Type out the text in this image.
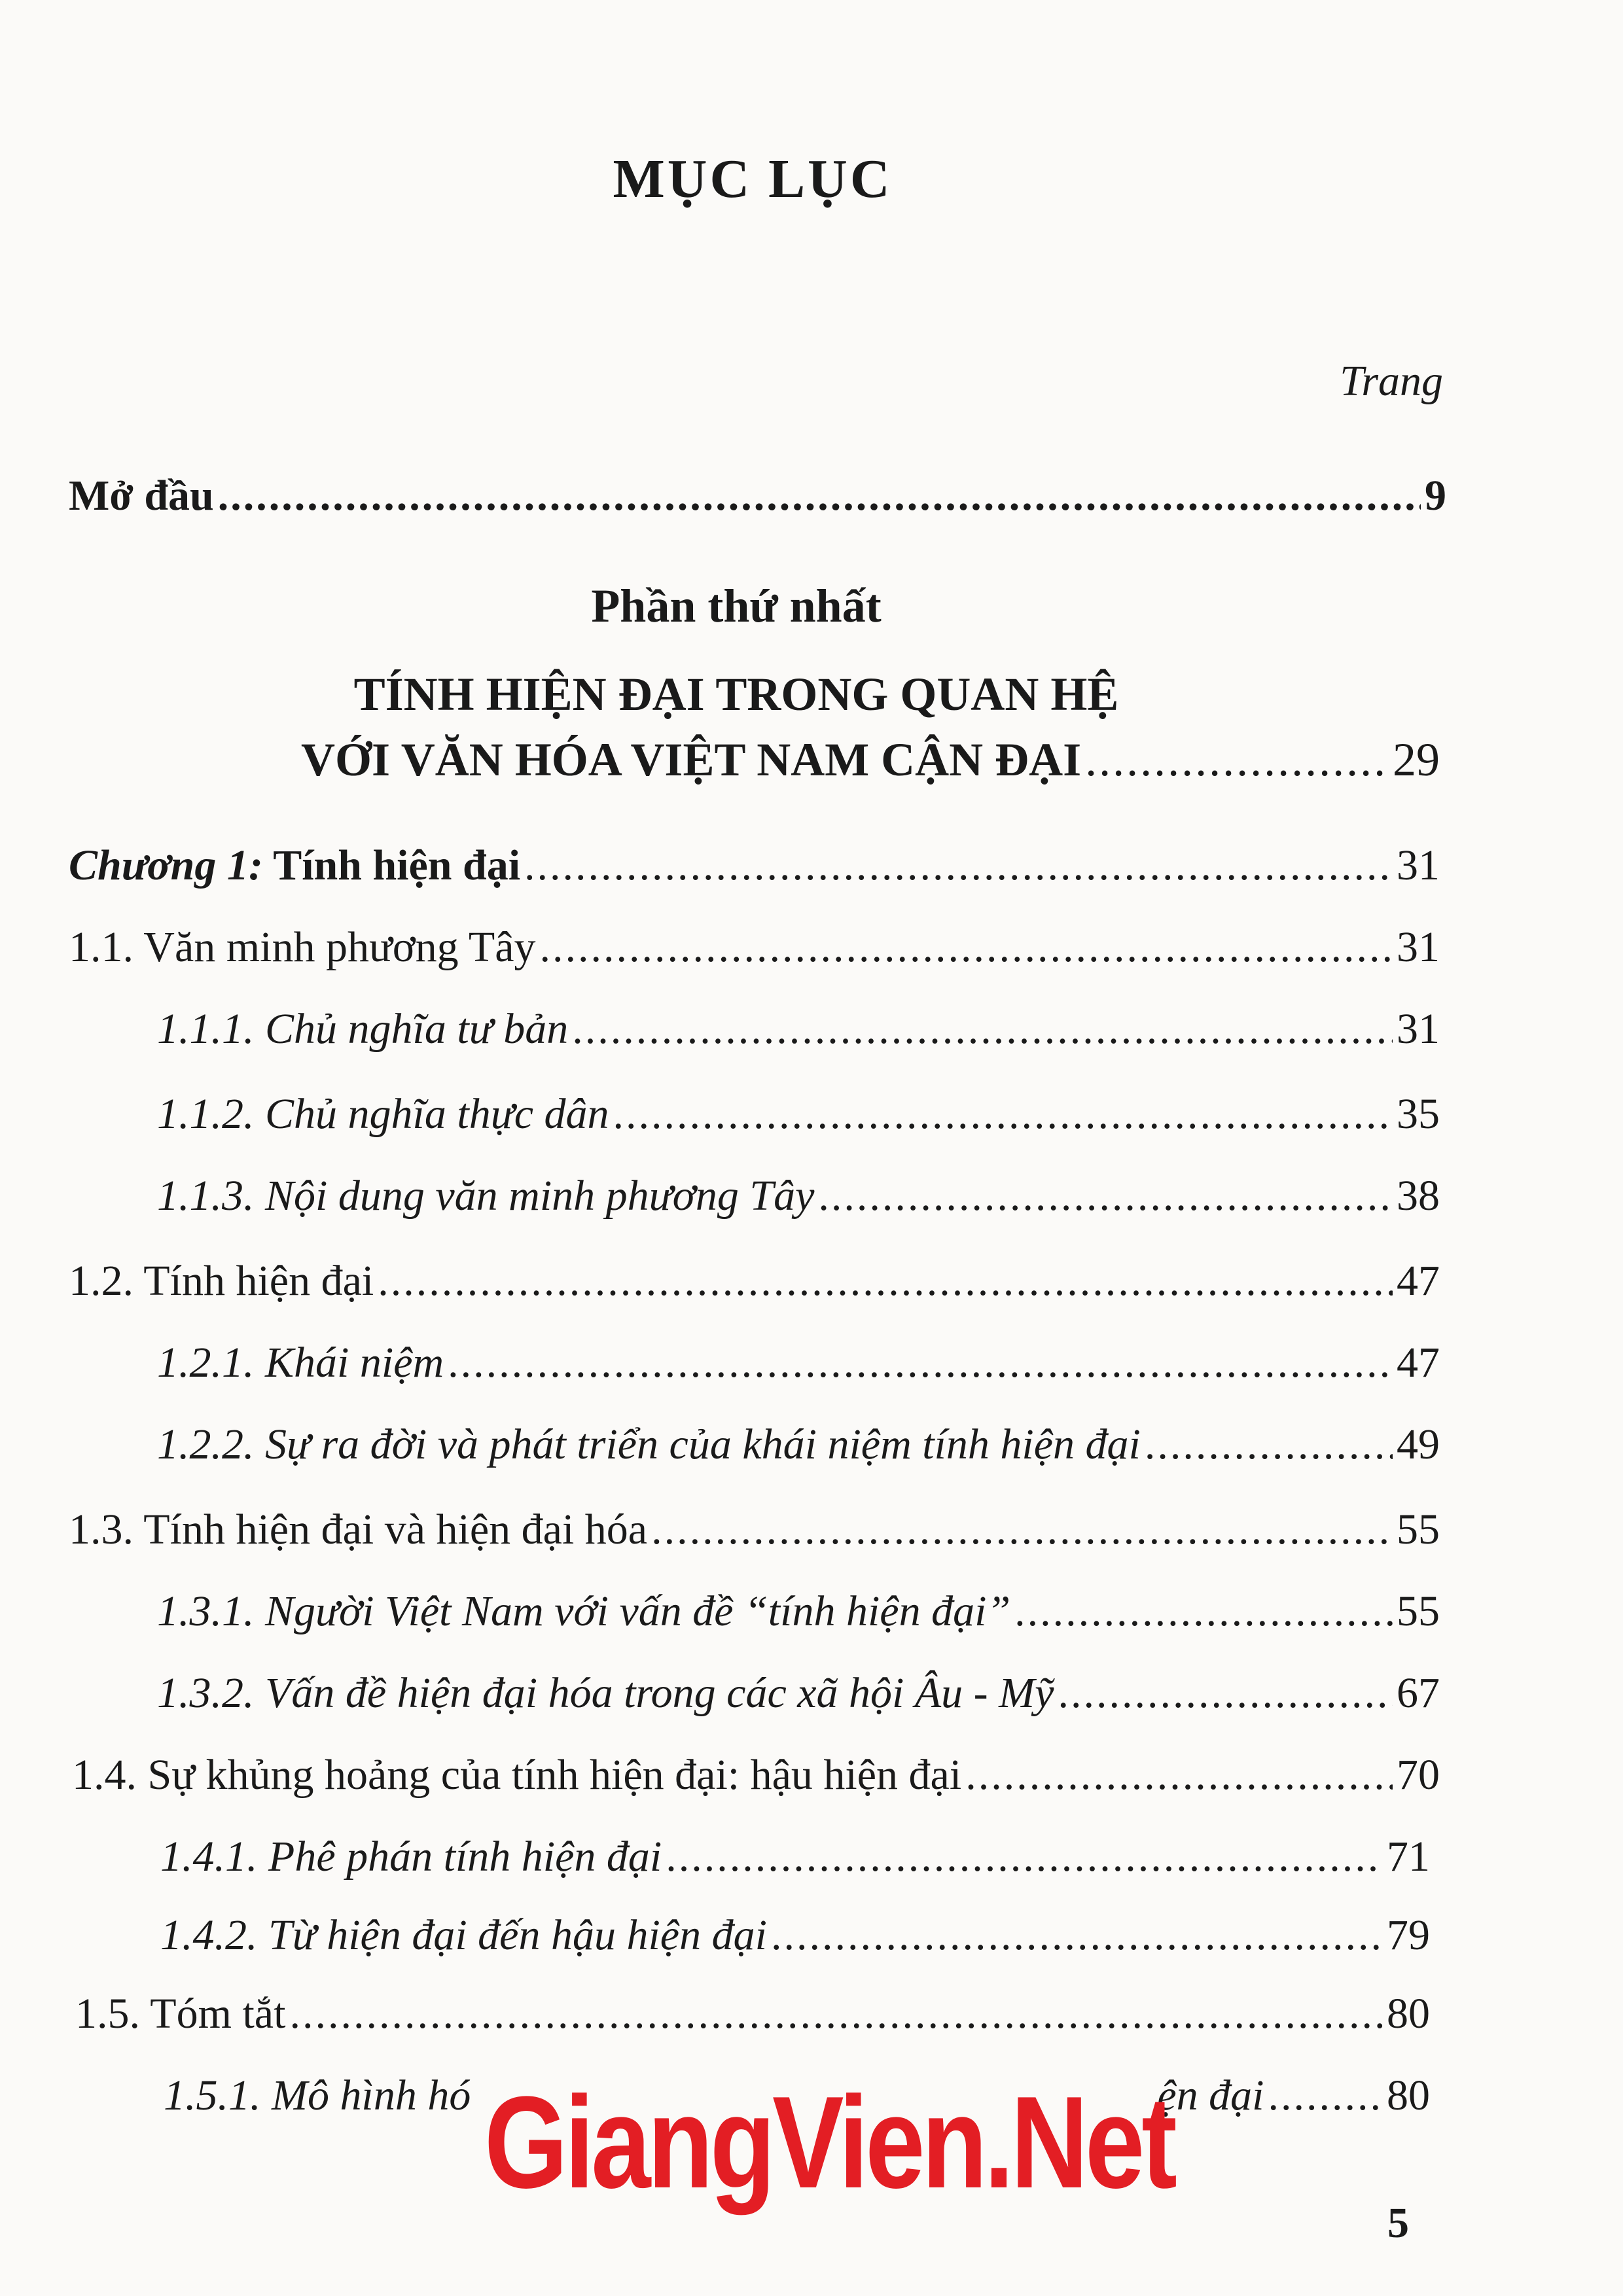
MỤC LỤC
Trang
Mở đầu .....	9
Phần thứ nhất
TÍNH HIỆN ĐẠI TRONG QUAN HỆ
VỚI VĂN HÓA VIỆT NAM CẬN ĐẠI .....	29
Chương 1: Tính hiện đại .....	31
1.1. Văn minh phương Tây .....	31
1.1.1. Chủ nghĩa tư bản .....	31
1.1.2. Chủ nghĩa thực dân .....	35
1.1.3. Nội dung văn minh phương Tây .....	38
1.2. Tính hiện đại .....	47
1.2.1. Khái niệm .....	47
1.2.2. Sự ra đời và phát triển của khái niệm tính hiện đại .....	49
1.3. Tính hiện đại và hiện đại hóa .....	55
1.3.1. Người Việt Nam với vấn đề “tính hiện đại” .....	55
1.3.2. Vấn đề hiện đại hóa trong các xã hội Âu - Mỹ .....	67
1.4. Sự khủng hoảng của tính hiện đại: hậu hiện đại .....	70
1.4.1. Phê phán tính hiện đại .....	71
1.4.2. Từ hiện đại đến hậu hiện đại .....	79
1.5. Tóm tắt .....	80
1.5.1. Mô hình hó	ện đại ......... 80
GiangVien.Net
5
